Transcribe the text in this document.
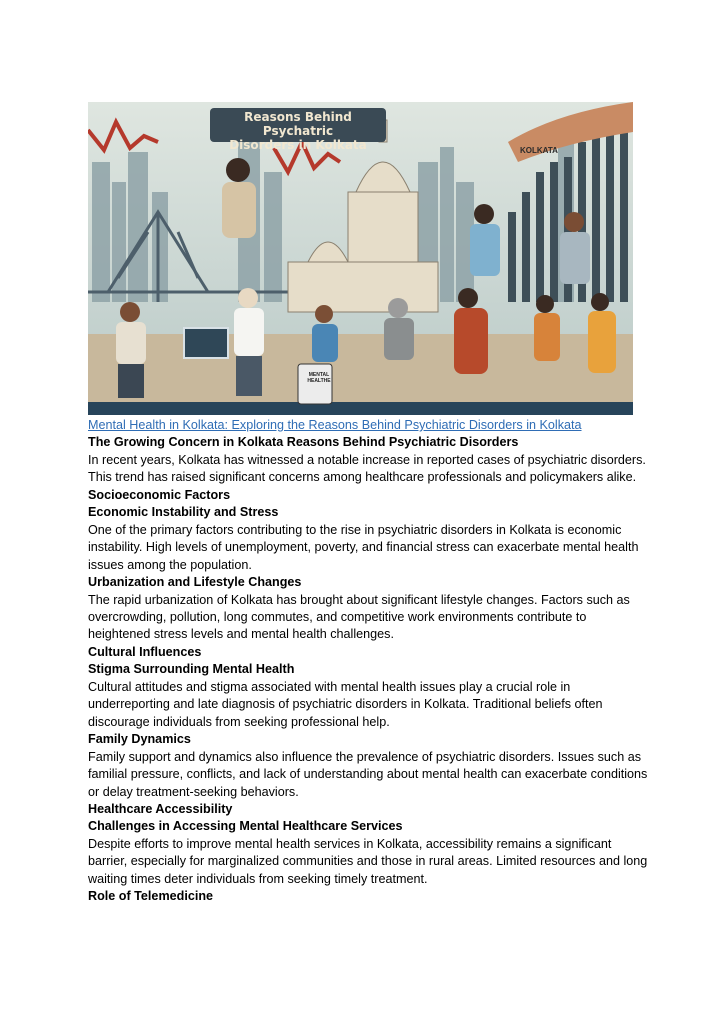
Reasons Behind Psychatric
Disorders in Kolkata	KOLKATA
MENTAL
HEALTHE

Mental Health in Kolkata: Exploring the Reasons Behind Psychiatric Disorders in Kolkata

The Growing Concern in Kolkata Reasons Behind Psychiatric Disorders

In recent years, Kolkata has witnessed a notable increase in reported cases of psychiatric disorders. This trend has raised significant concerns among healthcare professionals and policymakers alike.

Socioeconomic Factors

Economic Instability and Stress

One of the primary factors contributing to the rise in psychiatric disorders in Kolkata is economic instability. High levels of unemployment, poverty, and financial stress can exacerbate mental health issues among the population.

Urbanization and Lifestyle Changes

The rapid urbanization of Kolkata has brought about significant lifestyle changes. Factors such as overcrowding, pollution, long commutes, and competitive work environments contribute to heightened stress levels and mental health challenges.

Cultural Influences

Stigma Surrounding Mental Health

Cultural attitudes and stigma associated with mental health issues play a crucial role in underreporting and late diagnosis of psychiatric disorders in Kolkata. Traditional beliefs often discourage individuals from seeking professional help.

Family Dynamics

Family support and dynamics also influence the prevalence of psychiatric disorders. Issues such as familial pressure, conflicts, and lack of understanding about mental health can exacerbate conditions or delay treatment-seeking behaviors.

Healthcare Accessibility

Challenges in Accessing Mental Healthcare Services

Despite efforts to improve mental health services in Kolkata, accessibility remains a significant barrier, especially for marginalized communities and those in rural areas. Limited resources and long waiting times deter individuals from seeking timely treatment.

Role of Telemedicine
